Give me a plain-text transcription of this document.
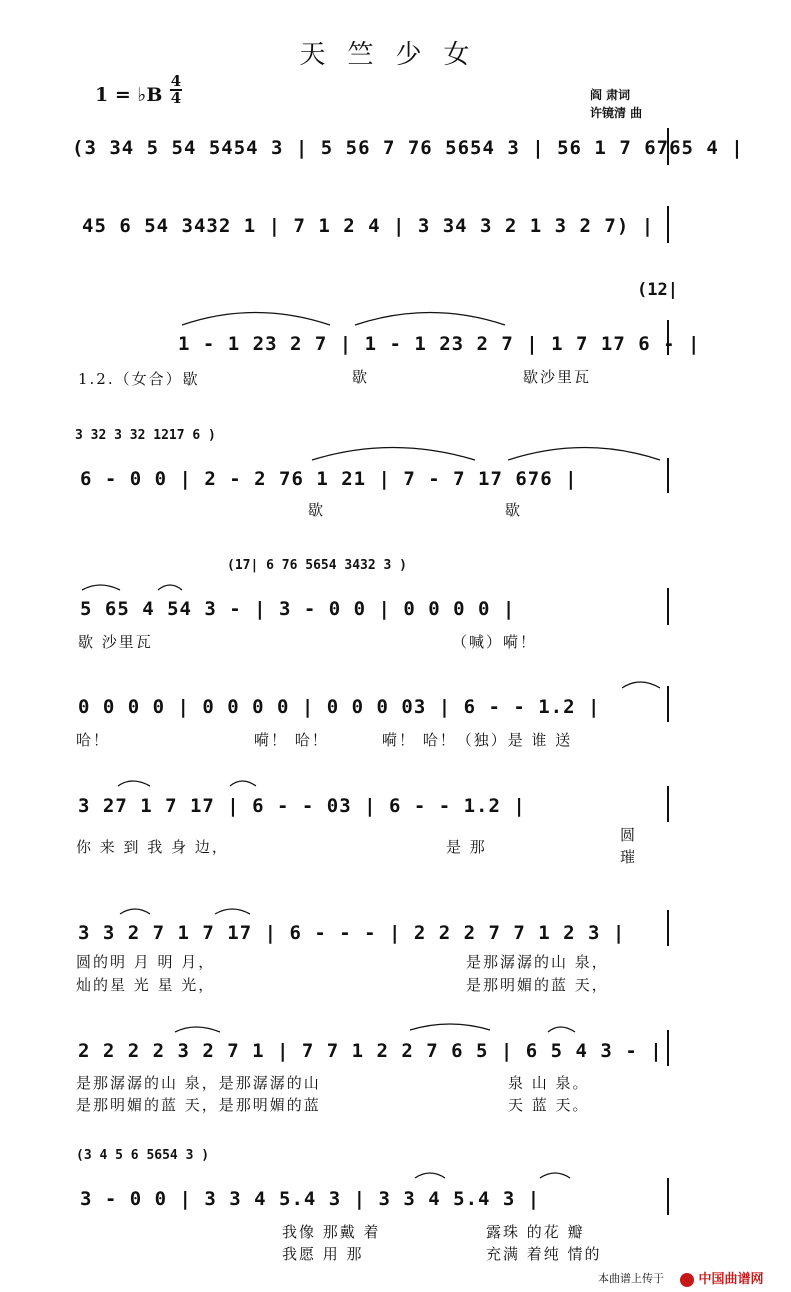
天竺少女
1 = ♭B
4
4	阎 肃词
许镜清 曲
(3 34 5 54 5454 3 | 5 56 7 76 5654 3 | 56 1 7 6765 4 |
45 6 54 3432 1 | 7 1 2 4 | 3 34 3 2 1 3 2 7) |
(12|
1 - 1 23 2 7 | 1 - 1 23 2 7 | 1 7 17 6 - |
1.2.（女合）歇	歇	歇沙里瓦
3 32 3 32 1217 6 )
6 - 0 0 | 2 - 2 76 1 21 | 7 - 7 17 676 |
歇	歇
(17| 6 76 5654 3432 3 )
5 65 4 54 3 - | 3 - 0 0 | 0 0 0 0 |
歇 沙里瓦	（喊）嗬！
0 0 0 0 | 0 0 0 0 | 0 0 0 03 | 6 - - 1.2 |
哈！	嗬！ 哈！	嗬！ 哈！（独）是 谁 送
3 27 1 7 17 | 6 - - 03 | 6 - - 1.2 |
你 来 到 我 身 边，	是 那
圆
璀
3 3 2 7 1 7 17 | 6 - - - | 2 2 2 7 7 1 2 3 |
圆的明 月 明 月，	是那潺潺的山 泉，
灿的星 光 星 光，	是那明媚的蓝 天，
2 2 2 2 3 2 7 1 | 7 7 1 2 2 7 6 5 | 6 5 4 3 - |
是那潺潺的山 泉，是那潺潺的山	泉 山 泉。
是那明媚的蓝 天，是那明媚的蓝	天 蓝 天。
(3 4 5 6 5654 3 )
3 - 0 0 | 3 3 4 5.4 3 | 3 3 4 5.4 3 |
我像 那戴 着	露珠 的花 瓣
我愿 用 那	充满 着纯 情的
本曲谱上传于	中国曲谱网
